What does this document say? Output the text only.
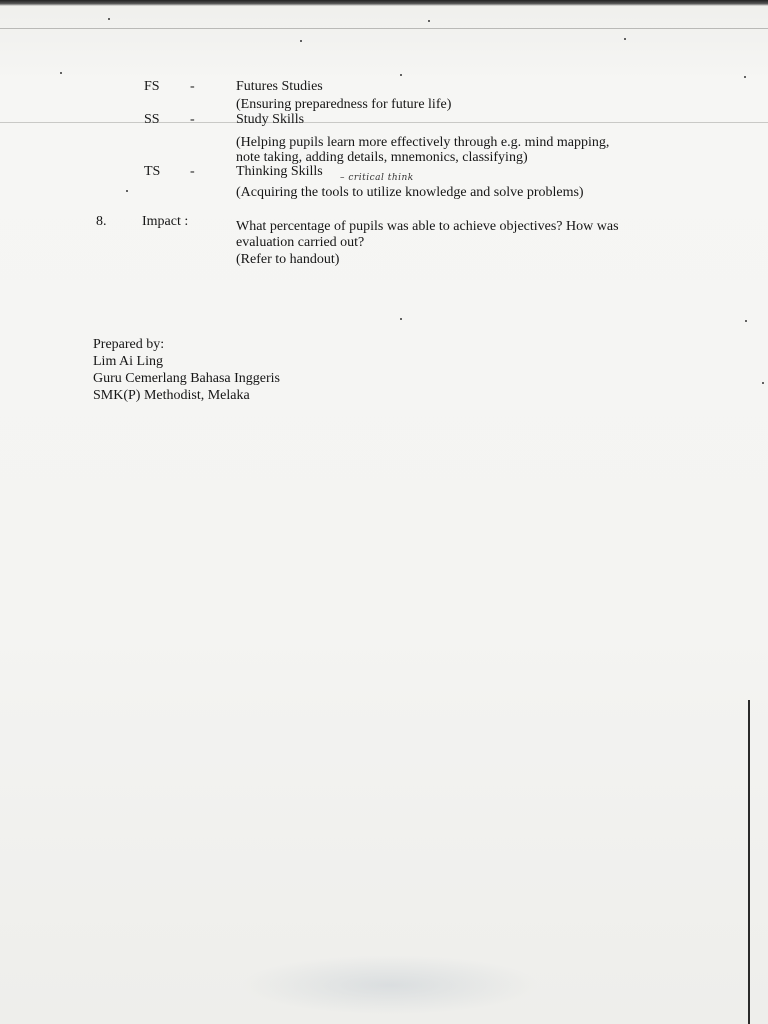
FS -	Futures Studies
(Ensuring preparedness for future life)
SS -	Study Skills
(Helping pupils learn more effectively through e.g. mind mapping,
note taking, adding details, mnemonics, classifying)
TS -	Thinking Skills – critical think
(Acquiring the tools to utilize knowledge and solve problems)
8.	Impact :	What percentage of pupils was able to achieve objectives? How was
evaluation carried out?
(Refer to handout)
Prepared by:
Lim Ai Ling
Guru Cemerlang Bahasa Inggeris
SMK(P) Methodist, Melaka
